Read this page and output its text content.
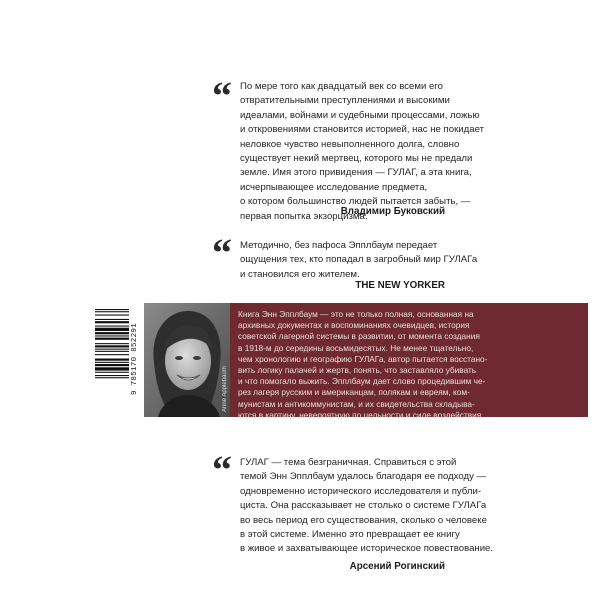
“ По мере того как двадцатый век со всеми его
отвратительными преступлениями и высокими
идеалами, войнами и судебными процессами, ложью
и откровениями становится историей, нас не покидает
неловкое чувство невыполненного долга, словно
существует некий мертвец, которого мы не предали
земле. Имя этого привидения — ГУЛАГ, а эта книга,
исчерпывающее исследование предмета,
о котором большинство людей пытается забыть, —
первая попытка экзорцизма.
Владимир Буковский
“ Методично, без пафоса Эпплбаум передает
ощущения тех, кто попадал в загробный мир ГУЛАГа
и становился его жителем.
THE NEW YORKER
9 785170 852291	Anne Applebaum
Книга Энн Эпплбаум — это не только полная, основанная на
архивных документах и воспоминаниях очевидцев, история
советской лагерной системы в развитии, от момента создания
в 1918-м до середины восьмидесятых. Не менее тщательно,
чем хронологию и географию ГУЛАГа, автор пытается восстано-
вить логику палачей и жертв, понять, что заставляло убивать
и что помогало выжить. Эпплбаум дает слово процедившим че-
рез лагеря русским и американцам, полякам и евреям, ком-
мунистам и антикоммунистам, и их свидетельства складыва-
ются в картину, невероятную по цельности и силе воздействия.
“ ГУЛАГ — тема безграничная. Справиться с этой
темой Энн Эпплбаум удалось благодаря ее подходу —
одновременно исторического исследователя и публи-
циста. Она рассказывает не столько о системе ГУЛАГа
во весь период его существования, сколько о человеке
в этой системе. Именно это превращает ее книгу
в живое и захватывающее историческое повествование.
Арсений Рогинский
